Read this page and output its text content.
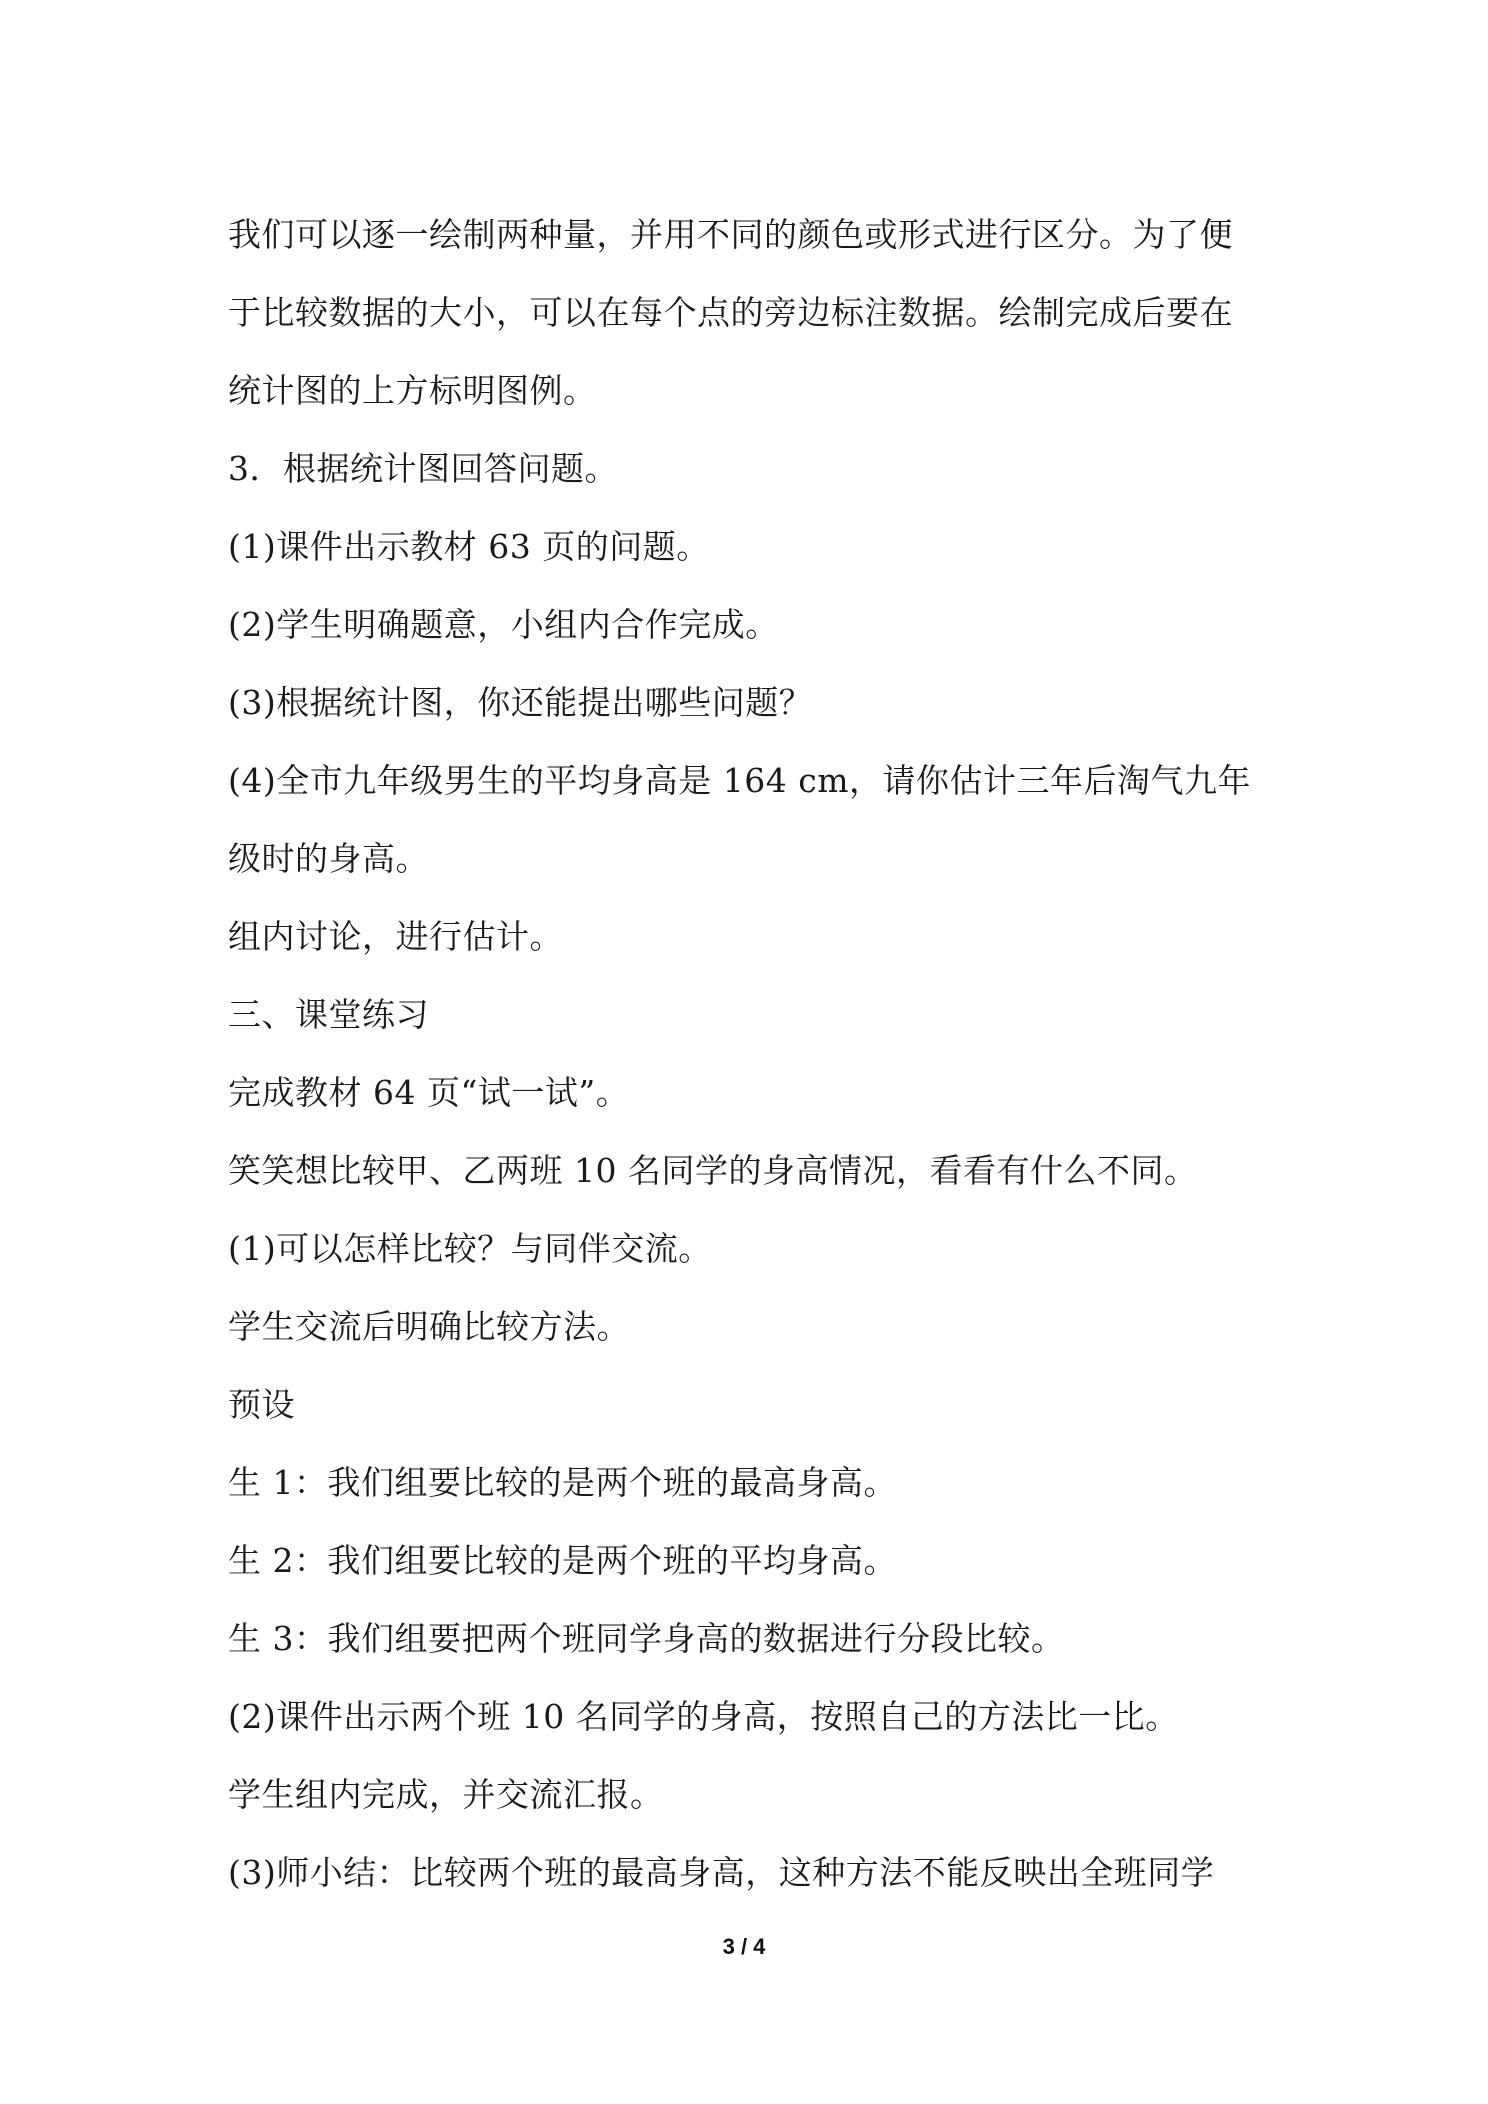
我们可以逐一绘制两种量，并用不同的颜色或形式进行区分。为了便
于比较数据的大小，可以在每个点的旁边标注数据。绘制完成后要在
统计图的上方标明图例。
3．根据统计图回答问题。
(1)课件出示教材 63 页的问题。
(2)学生明确题意，小组内合作完成。
(3)根据统计图，你还能提出哪些问题？
(4)全市九年级男生的平均身高是 164 cm，请你估计三年后淘气九年
级时的身高。
组内讨论，进行估计。
三、课堂练习
完成教材 64 页“试一试”。
笑笑想比较甲、乙两班 10 名同学的身高情况，看看有什么不同。
(1)可以怎样比较？与同伴交流。
学生交流后明确比较方法。
预设
生 1：我们组要比较的是两个班的最高身高。
生 2：我们组要比较的是两个班的平均身高。
生 3：我们组要把两个班同学身高的数据进行分段比较。
(2)课件出示两个班 10 名同学的身高，按照自己的方法比一比。
学生组内完成，并交流汇报。
(3)师小结：比较两个班的最高身高，这种方法不能反映出全班同学
3 / 4
